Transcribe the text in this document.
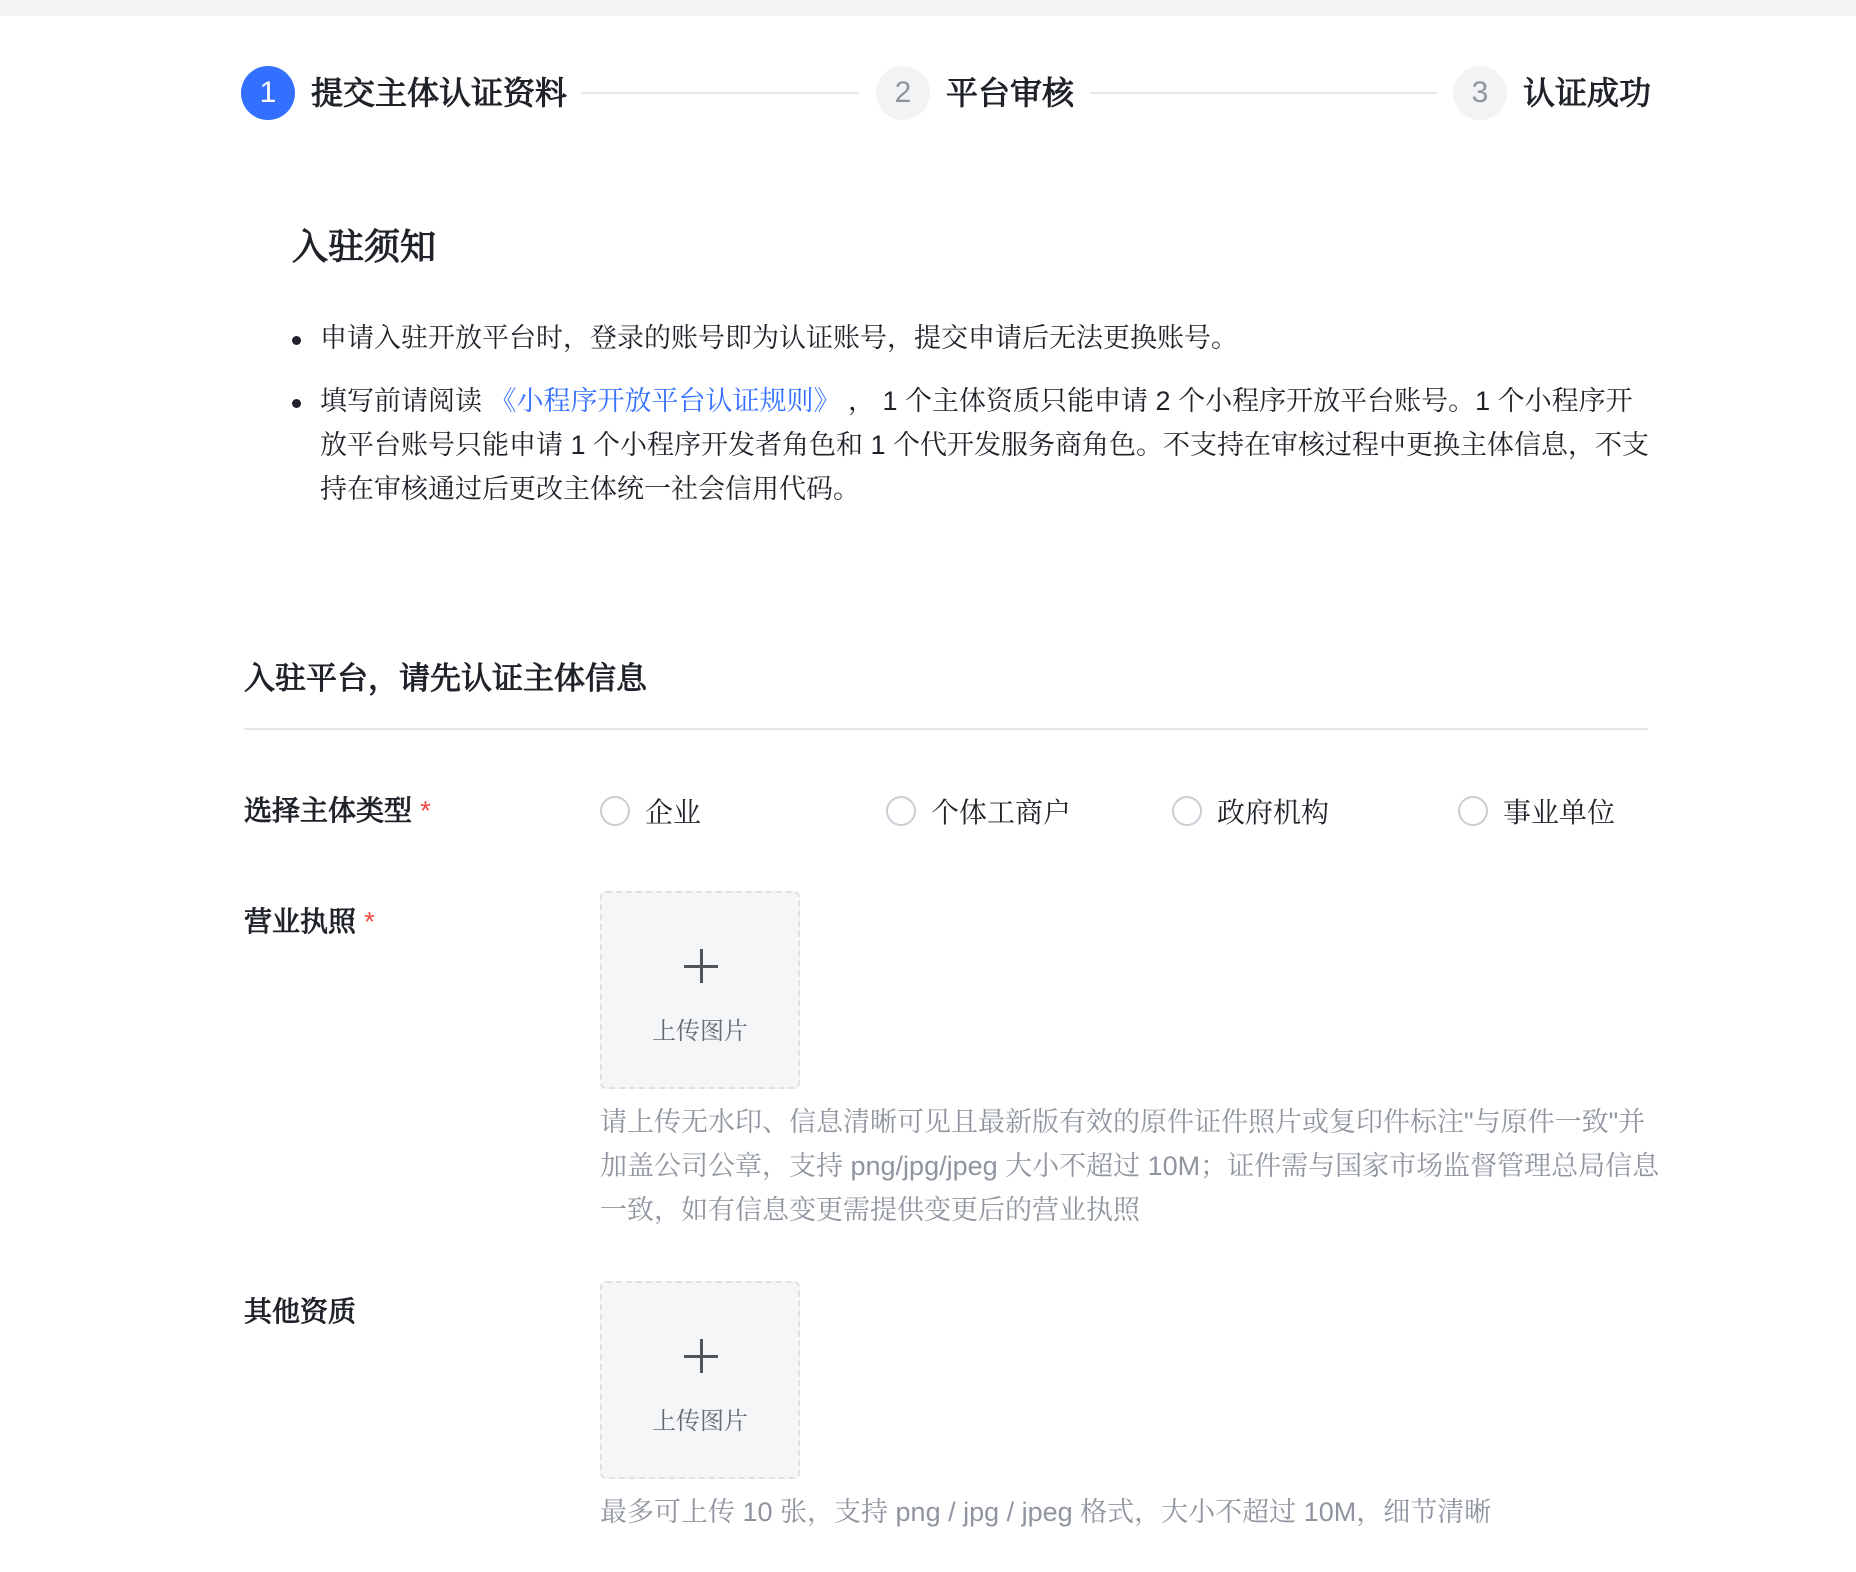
1	提交主体认证资料	2	平台审核	3	认证成功
入驻须知
申请入驻开放平台时，登录的账号即为认证账号，提交申请后无法更换账号。
填写前请阅读 《小程序开放平台认证规则》 ， 1 个主体资质只能申请 2 个小程序开放平台账号。1 个小程序开放平台账号只能申请 1 个小程序开发者角色和 1 个代开发服务商角色。不支持在审核过程中更换主体信息，不支持在审核通过后更改主体统一社会信用代码。
入驻平台，请先认证主体信息
选择主体类型 *	企业	个体工商户	政府机构	事业单位
营业执照 *
上传图片
请上传无水印、信息清晰可见且最新版有效的原件证件照片或复印件标注"与原件一致"并加盖公司公章，支持 png/jpg/jpeg 大小不超过 10M；证件需与国家市场监督管理总局信息一致，如有信息变更需提供变更后的营业执照
其他资质
上传图片
最多可上传 10 张，支持 png / jpg / jpeg 格式，大小不超过 10M，细节清晰
